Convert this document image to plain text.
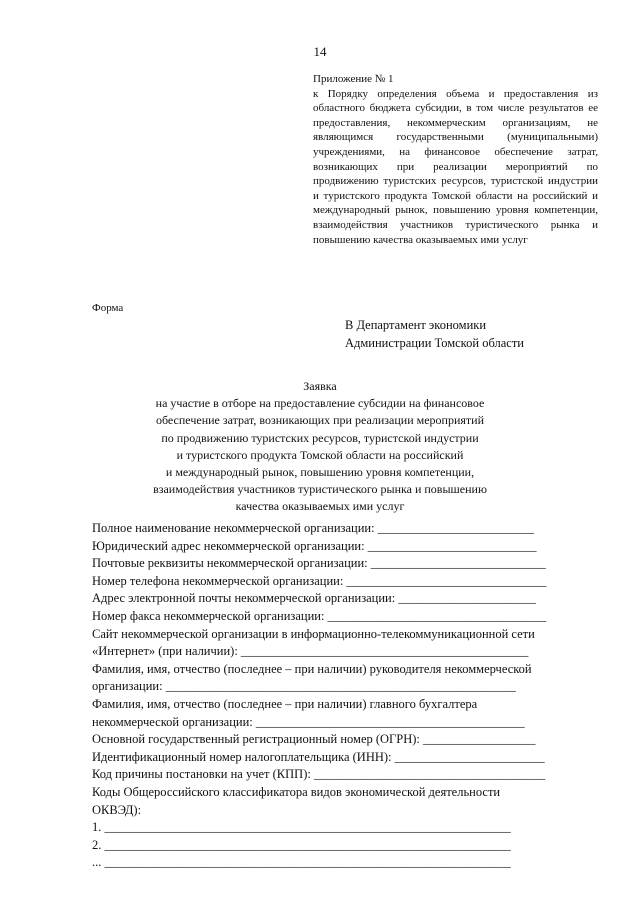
14
Приложение № 1
к Порядку определения объема и предоставления из областного бюджета субсидии, в том числе результатов ее предоставления, некоммерческим организациям, не являющимся государственными (муниципальными) учреждениями, на финансовое обеспечение затрат, возникающих при реализации мероприятий по продвижению туристских ресурсов, туристской индустрии и туристского продукта Томской области на российский и международный рынок, повышению уровня компетенции, взаимодействия участников туристического рынка и повышению качества оказываемых ими услуг
Форма
В Департамент экономики
Администрации Томской области
Заявка
на участие в отборе на предоставление субсидии на финансовое
обеспечение затрат, возникающих при реализации мероприятий
по продвижению туристских ресурсов, туристской индустрии
и туристского продукта Томской области на российский
и международный рынок, повышению уровня компетенции,
взаимодействия участников туристического рынка и повышению
качества оказываемых ими услуг
Полное наименование некоммерческой организации: _________________________
Юридический адрес некоммерческой организации: ___________________________
Почтовые реквизиты некоммерческой организации: ____________________________
Номер телефона некоммерческой организации: ________________________________
Адрес электронной почты некоммерческой организации: ______________________
Номер факса некоммерческой организации: ___________________________________
Сайт некоммерческой организации в информационно-телекоммуникационной сети
«Интернет» (при наличии): ______________________________________________
Фамилия, имя, отчество (последнее – при наличии) руководителя некоммерческой
организации: ________________________________________________________
Фамилия, имя, отчество (последнее – при наличии) главного бухгалтера
некоммерческой организации: ___________________________________________
Основной государственный регистрационный номер (ОГРН): __________________
Идентификационный номер налогоплательщика (ИНН): ________________________
Код причины постановки на учет (КПП): _____________________________________
Коды Общероссийского классификатора видов экономической деятельности
ОКВЭД):
1. _________________________________________________________________
2. _________________________________________________________________
... _________________________________________________________________
